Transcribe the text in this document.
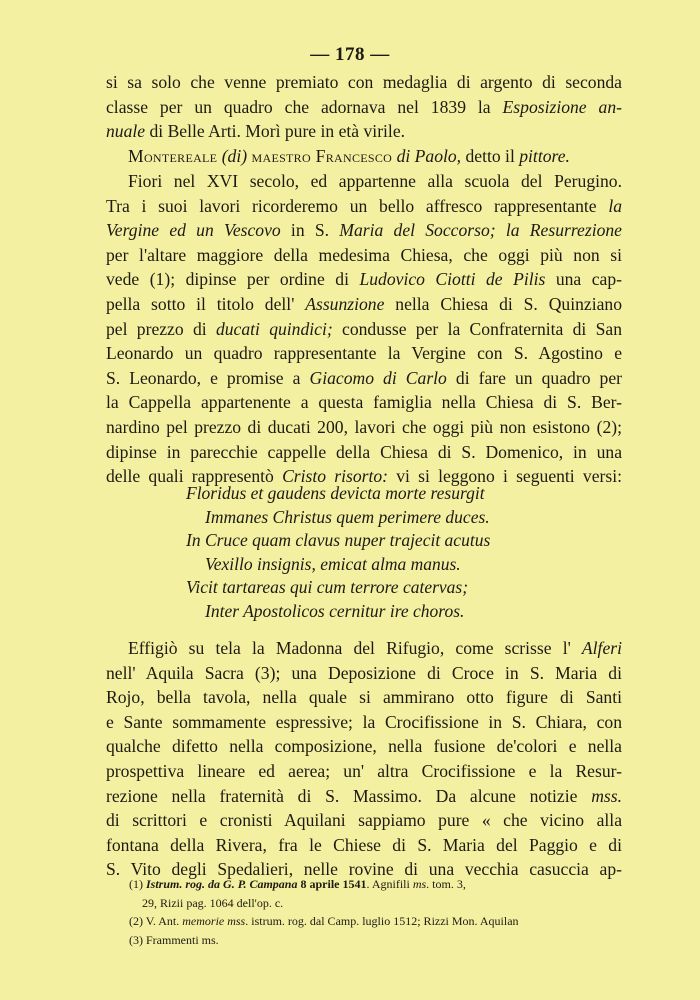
— 178 —
si sa solo che venne premiato con medaglia di argento di seconda
classe per un quadro che adornava nel 1839 la Esposizione an-
nuale di Belle Arti. Morì pure in età virile.
Montereale (di) maestro Francesco di Paolo, detto il pittore.
Fiori nel XVI secolo, ed appartenne alla scuola del Perugino.
Tra i suoi lavori ricorderemo un bello affresco rappresentante la
Vergine ed un Vescovo in S. Maria del Soccorso; la Resurrezione
per l'altare maggiore della medesima Chiesa, che oggi più non si
vede (1); dipinse per ordine di Ludovico Ciotti de Pilis una cap-
pella sotto il titolo dell' Assunzione nella Chiesa di S. Quinziano
pel prezzo di ducati quindici; condusse per la Confraternita di San
Leonardo un quadro rappresentante la Vergine con S. Agostino e
S. Leonardo, e promise a Giacomo di Carlo di fare un quadro per
la Cappella appartenente a questa famiglia nella Chiesa di S. Ber-
nardino pel prezzo di ducati 200, lavori che oggi più non esistono (2);
dipinse in parecchie cappelle della Chiesa di S. Domenico, in una
delle quali rappresentò Cristo risorto: vi si leggono i seguenti versi:
Floridus et gaudens devicta morte resurgit
Immanes Christus quem perimere duces.
In Cruce quam clavus nuper trajecit acutus
Vexillo insignis, emicat alma manus.
Vicit tartareas qui cum terrore catervas;
Inter Apostolicos cernitur ire choros.
Effigiò su tela la Madonna del Rifugio, come scrisse l' Alferi
nell' Aquila Sacra (3); una Deposizione di Croce in S. Maria di
Rojo, bella tavola, nella quale si ammirano otto figure di Santi
e Sante sommamente espressive; la Crocifissione in S. Chiara, con
qualche difetto nella composizione, nella fusione de'colori e nella
prospettiva lineare ed aerea; un' altra Crocifissione e la Resur-
rezione nella fraternità di S. Massimo. Da alcune notizie mss.
di scrittori e cronisti Aquilani sappiamo pure « che vicino alla
fontana della Rivera, fra le Chiese di S. Maria del Paggio e di
S. Vito degli Spedalieri, nelle rovine di una vecchia casuccia ap-
(1) Istrum. rog. da G. P. Campana 8 aprile 1541. Agnifili ms. tom. 3,
29, Rizii pag. 1064 dell'op. c.
(2) V. Ant. memorie mss. istrum. rog. dal Camp. luglio 1512; Rizzi Mon. Aquilan
(3) Frammenti ms.
